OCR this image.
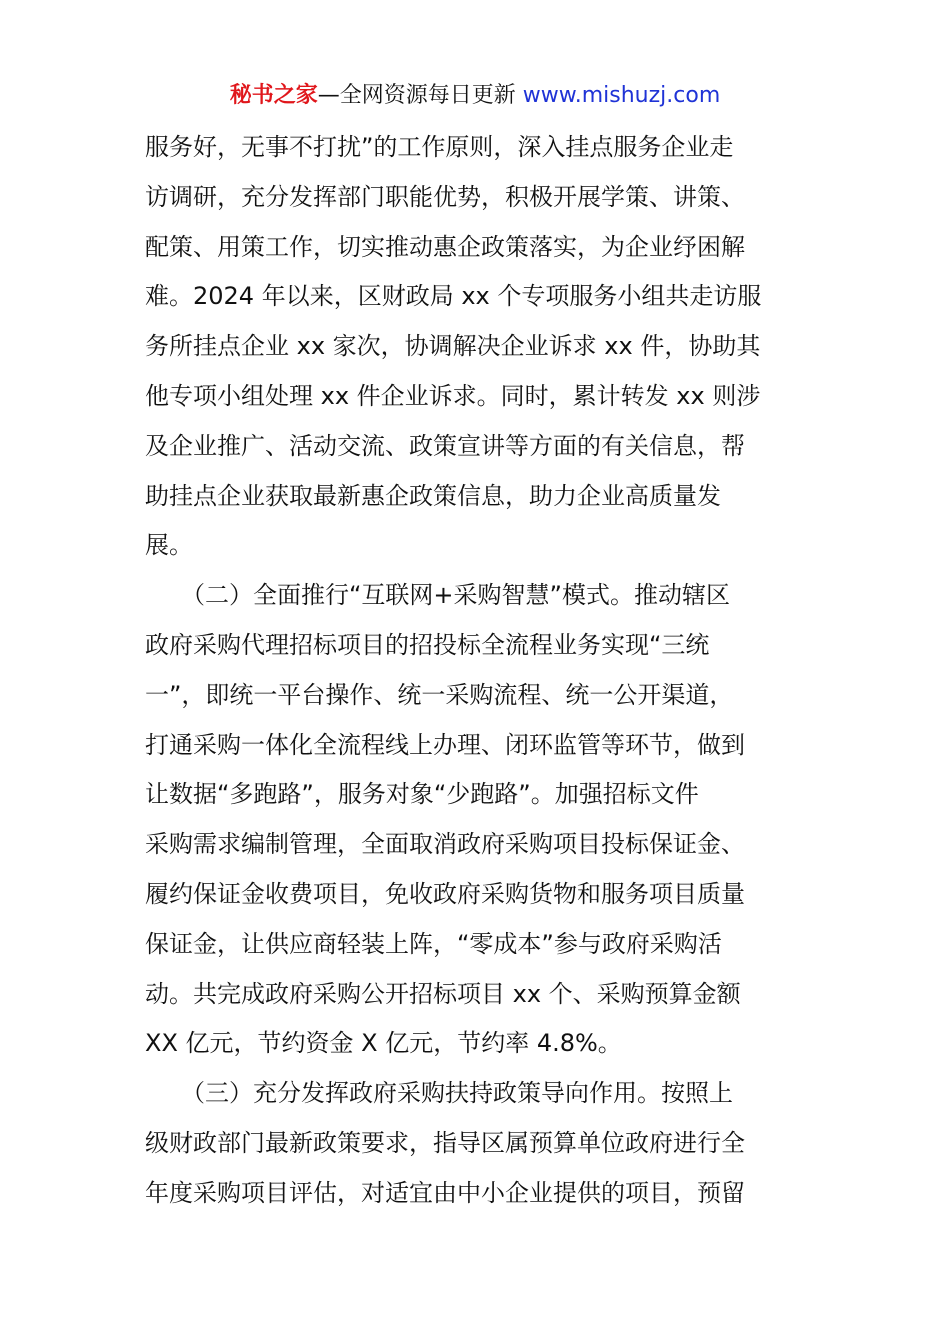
秘书之家—全网资源每日更新 www.mishuzj.com
服务好，无事不打扰”的工作原则，深入挂点服务企业走
访调研，充分发挥部门职能优势，积极开展学策、讲策、
配策、用策工作，切实推动惠企政策落实，为企业纾困解
难。2024 年以来，区财政局 xx 个专项服务小组共走访服
务所挂点企业 xx 家次，协调解决企业诉求 xx 件，协助其
他专项小组处理 xx 件企业诉求。同时，累计转发 xx 则涉
及企业推广、活动交流、政策宣讲等方面的有关信息，帮
助挂点企业获取最新惠企政策信息，助力企业高质量发
展。
　　（二）全面推行“互联网+采购智慧”模式。推动辖区
政府采购代理招标项目的招投标全流程业务实现“三统
一”，即统一平台操作、统一采购流程、统一公开渠道，
打通采购一体化全流程线上办理、闭环监管等环节，做到
让数据“多跑路”，服务对象“少跑路”。加强招标文件
采购需求编制管理，全面取消政府采购项目投标保证金、
履约保证金收费项目，免收政府采购货物和服务项目质量
保证金，让供应商轻装上阵，“零成本”参与政府采购活
动。共完成政府采购公开招标项目 xx 个、采购预算金额
XX 亿元，节约资金 X 亿元，节约率 4.8%。
　　（三）充分发挥政府采购扶持政策导向作用。按照上
级财政部门最新政策要求，指导区属预算单位政府进行全
年度采购项目评估，对适宜由中小企业提供的项目，预留
